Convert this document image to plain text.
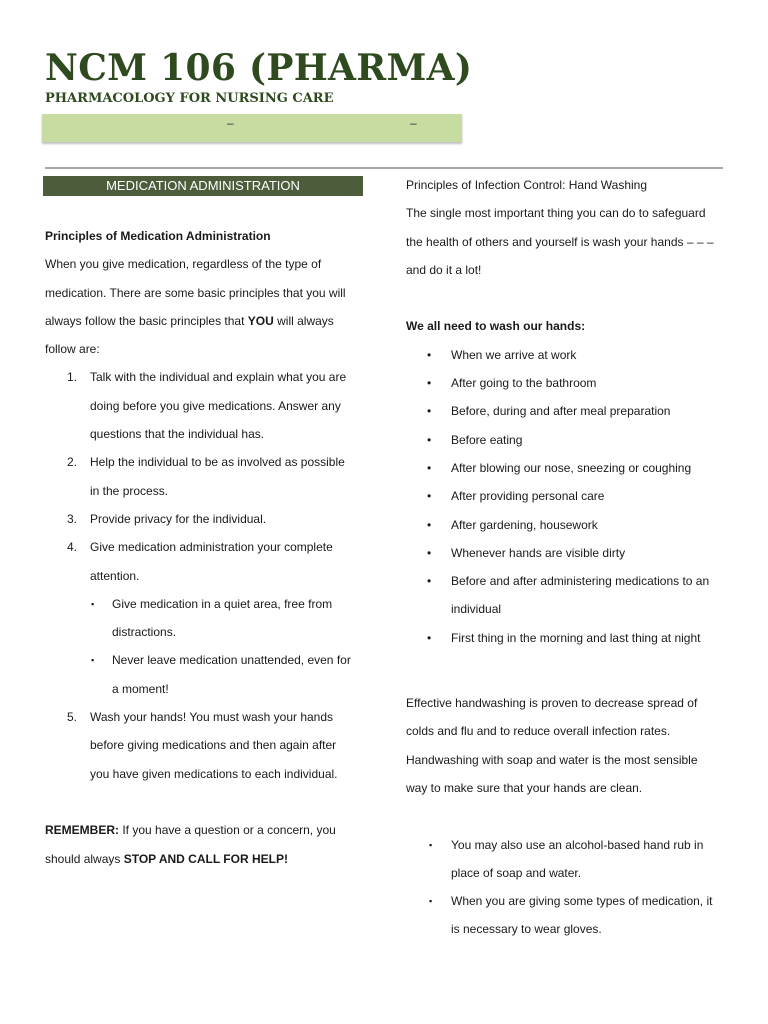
NCM 106 (PHARMA)

PHARMACOLOGY FOR NURSING CARE

–	–
MEDICATION ADMINISTRATION

Principles of Medication Administration

When you give medication, regardless of the type of

medication. There are some basic principles that you will

always follow the basic principles that YOU will always

follow are:

1. Talk with the individual and explain what you are

doing before you give medications. Answer any

questions that the individual has.

2. Help the individual to be as involved as possible

in the process.

3. Provide privacy for the individual.

4. Give medication administration your complete

attention.

▪ Give medication in a quiet area, free from

distractions.

▪ Never leave medication unattended, even for

a moment!

5. Wash your hands! You must wash your hands

before giving medications and then again after

you have given medications to each individual.

REMEMBER: If you have a question or a concern, you

should always STOP AND CALL FOR HELP!

Principles of Infection Control: Hand Washing

The single most important thing you can do to safeguard

the health of others and yourself is wash your hands – – –

and do it a lot!

We all need to wash our hands:

• When we arrive at work

• After going to the bathroom

• Before, during and after meal preparation

• Before eating

• After blowing our nose, sneezing or coughing

• After providing personal care

• After gardening, housework

• Whenever hands are visible dirty

• Before and after administering medications to an

individual

• First thing in the morning and last thing at night

Effective handwashing is proven to decrease spread of

colds and flu and to reduce overall infection rates.

Handwashing with soap and water is the most sensible

way to make sure that your hands are clean.

▪ You may also use an alcohol-based hand rub in

place of soap and water.

▪ When you are giving some types of medication, it

is necessary to wear gloves.
